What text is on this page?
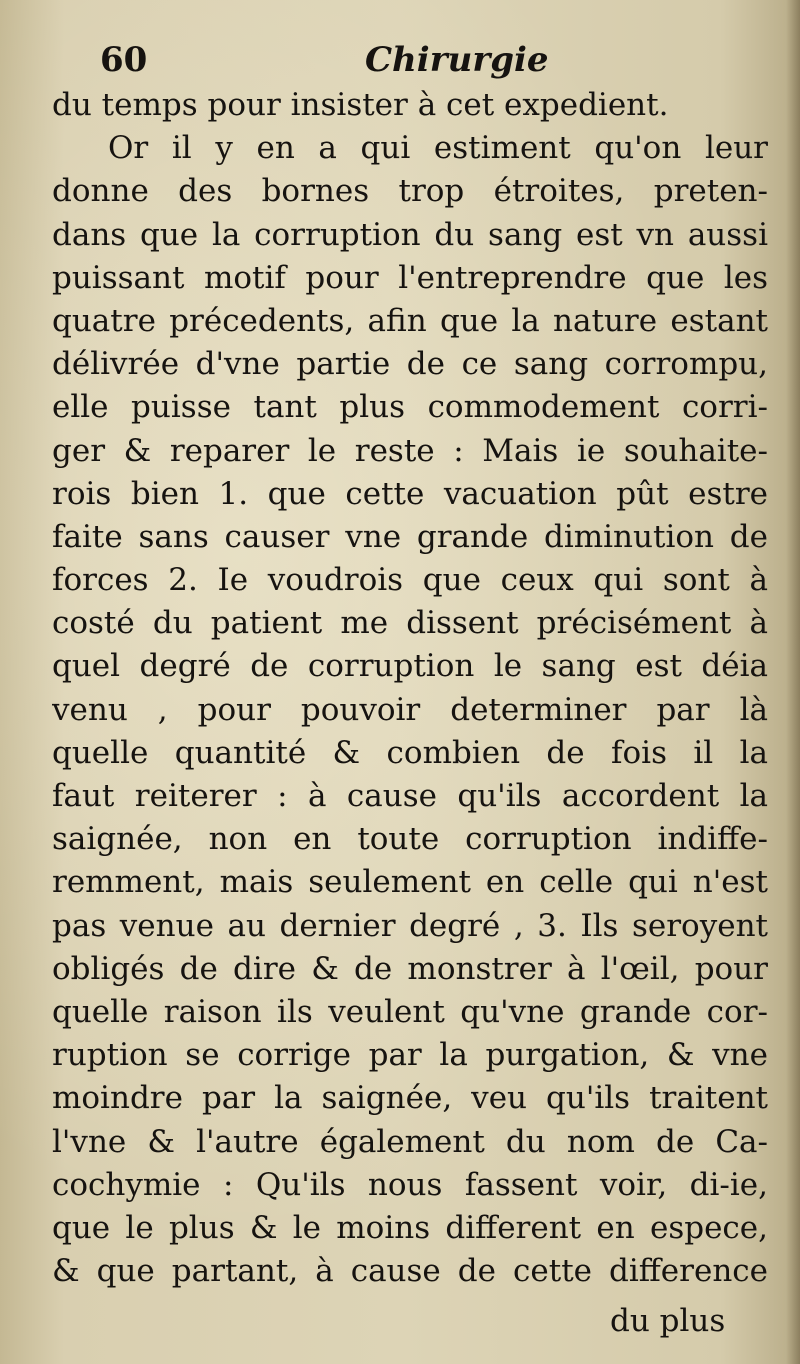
60	Chirurgie
du temps pour insister à cet expedient.
Or il y en a qui estiment qu'on leur
donne des bornes trop étroites, preten-
dans que la corruption du sang est vn aussi
puissant motif pour l'entreprendre que les
quatre précedents, afin que la nature estant
délivrée d'vne partie de ce sang corrompu,
elle puisse tant plus commodement corri-
ger & reparer le reste : Mais ie souhaite-
rois bien 1. que cette vacuation pût estre
faite sans causer vne grande diminution de
forces 2. Ie voudrois que ceux qui sont à
costé du patient me dissent précisément à
quel degré de corruption le sang est déia
venu , pour pouvoir determiner par là
quelle quantité & combien de fois il la
faut reiterer : à cause qu'ils accordent la
saignée, non en toute corruption indiffe-
remment, mais seulement en celle qui n'est
pas venue au dernier degré , 3. Ils seroyent
obligés de dire & de monstrer à l'œil, pour
quelle raison ils veulent qu'vne grande cor-
ruption se corrige par la purgation, & vne
moindre par la saignée, veu qu'ils traitent
l'vne & l'autre également du nom de Ca-
cochymie : Qu'ils nous fassent voir, di-ie,
que le plus & le moins different en espece,
& que partant, à cause de cette difference
du plus
